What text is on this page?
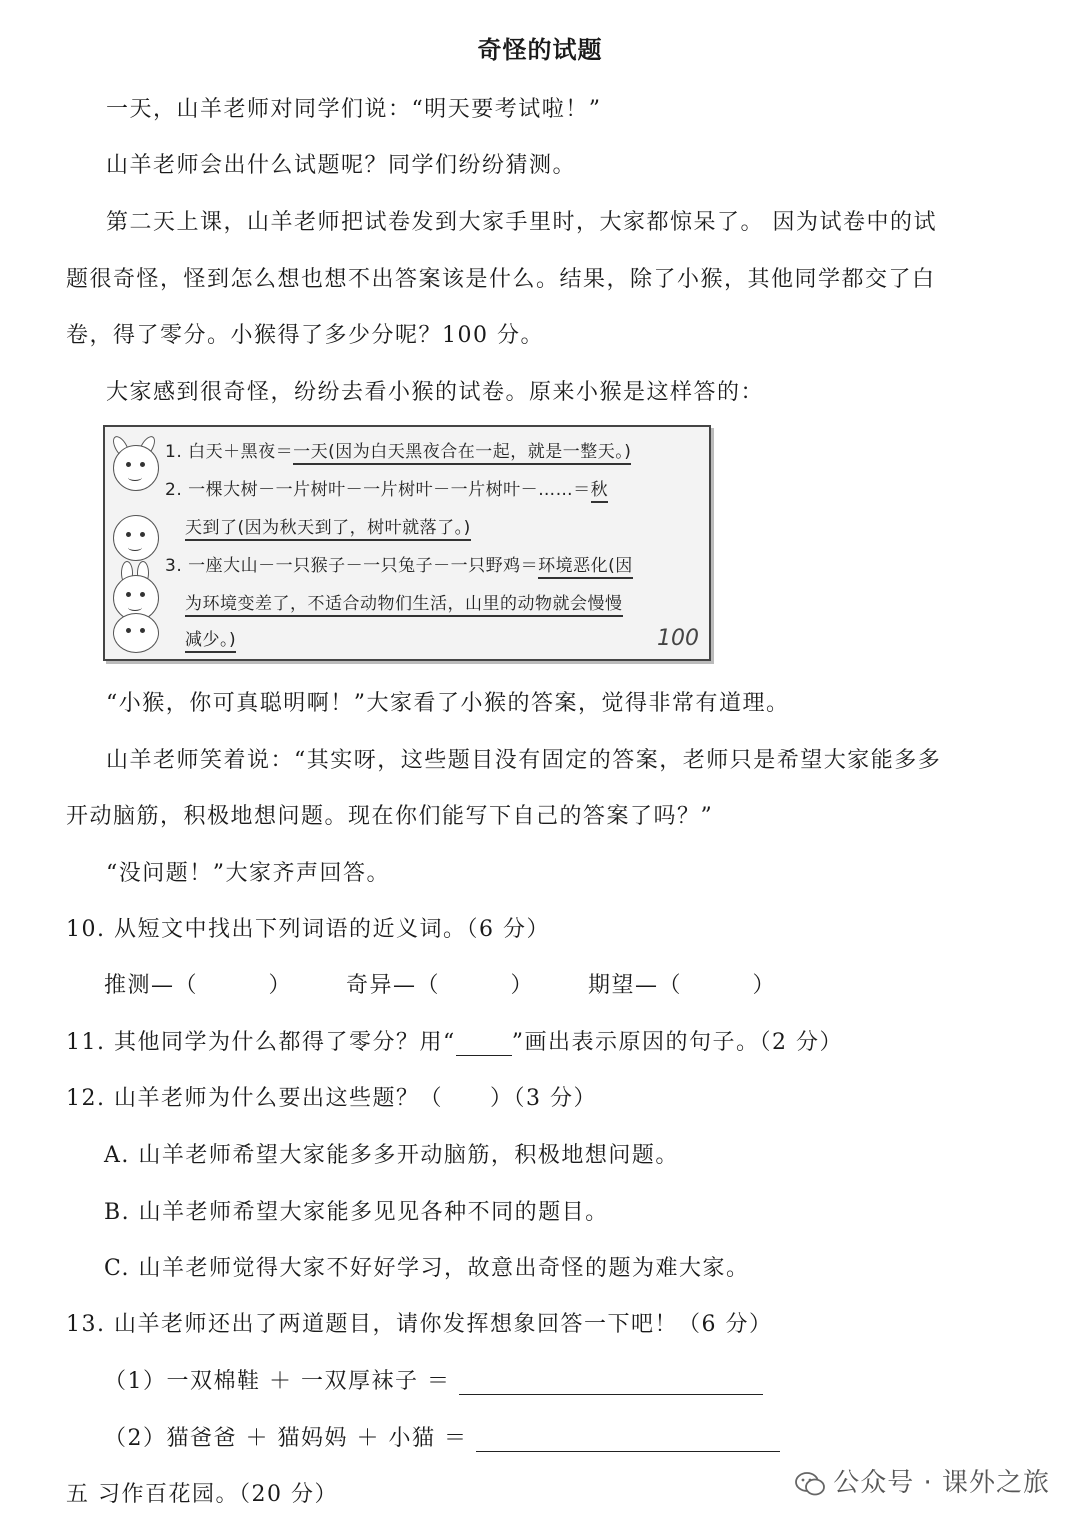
奇怪的试题
一天，山羊老师对同学们说：“明天要考试啦！”
山羊老师会出什么试题呢？同学们纷纷猜测。
第二天上课，山羊老师把试卷发到大家手里时，大家都惊呆了。 因为试卷中的试
题很奇怪，怪到怎么想也想不出答案该是什么。结果，除了小猴，其他同学都交了白
卷，得了零分。小猴得了多少分呢？100 分。
大家感到很奇怪，纷纷去看小猴的试卷。原来小猴是这样答的：
1. 白天＋黑夜＝一天(因为白天黑夜合在一起，就是一整天。)
2. 一棵大树－一片树叶－一片树叶－一片树叶－……＝秋
天到了(因为秋天到了，树叶就落了。)
3. 一座大山－一只猴子－一只兔子－一只野鸡＝环境恶化(因
为环境变差了，不适合动物们生活，山里的动物就会慢慢
减少。)	100
“小猴，你可真聪明啊！”大家看了小猴的答案，觉得非常有道理。
山羊老师笑着说：“其实呀，这些题目没有固定的答案，老师只是希望大家能多多
开动脑筋，积极地想问题。现在你们能写下自己的答案了吗？”
“没问题！”大家齐声回答。
10. 从短文中找出下列词语的近义词。（6 分）
推测—（　　　） 奇异—（　　　） 期望—（　　　）
11. 其他同学为什么都得了零分？用“	”画出表示原因的句子。（2 分）
12. 山羊老师为什么要出这些题？（　　）（3 分）
A. 山羊老师希望大家能多多开动脑筋，积极地想问题。
B. 山羊老师希望大家能多见见各种不同的题目。
C. 山羊老师觉得大家不好好学习，故意出奇怪的题为难大家。
13. 山羊老师还出了两道题目，请你发挥想象回答一下吧！（6 分）
（1）一双棉鞋 ＋ 一双厚袜子 ＝
（2）猫爸爸 ＋ 猫妈妈 ＋ 小猫 ＝
五 习作百花园。（20 分）	公众号 · 课外之旅
